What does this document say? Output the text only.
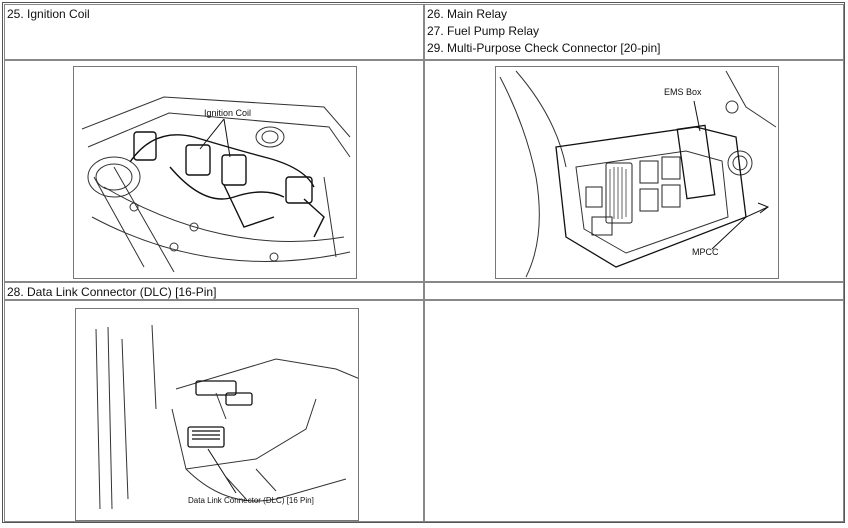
25. Ignition Coil	26. Main Relay
27. Fuel Pump Relay
29. Multi-Purpose Check Connector [20-pin]
Ignition Coil
EMS Box
MPCC
28. Data Link Connector (DLC) [16-Pin]
Data Link Connector (DLC) [16 Pin]
